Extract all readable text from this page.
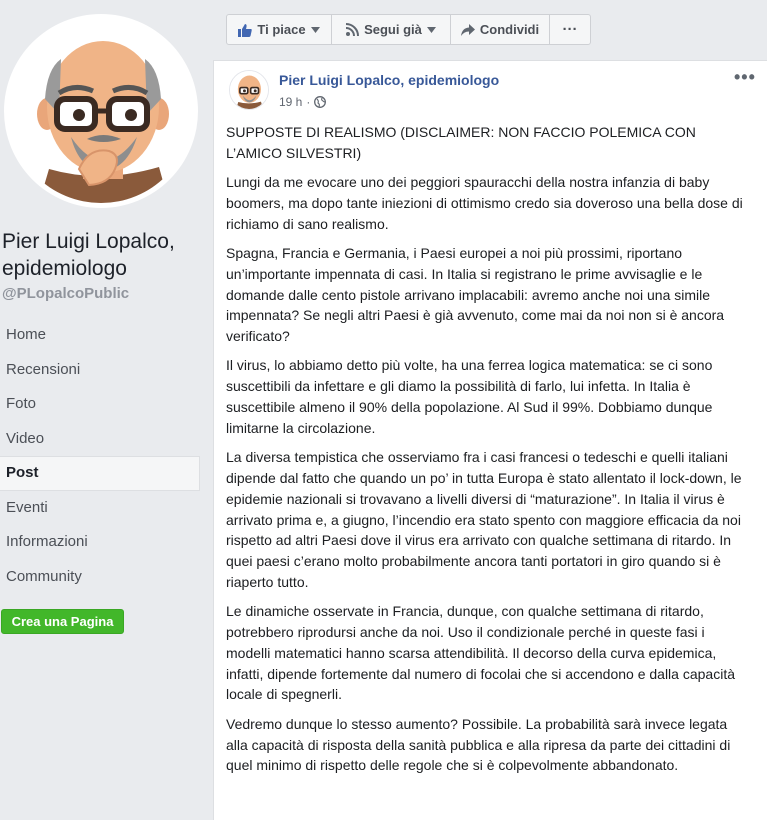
Pier Luigi Lopalco, epidemiologo
@PLopalcoPublic
Home
Recensioni
Foto
Video
Post
Eventi
Informazioni
Community
Crea una Pagina
Ti piace	Segui già	Condividi ···
Pier Luigi Lopalco, epidemiologo
19 h ·
•••

SUPPOSTE DI REALISMO (DISCLAIMER: NON FACCIO POLEMICA CON L’AMICO SILVESTRI)

Lungi da me evocare uno dei peggiori spauracchi della nostra infanzia di baby boomers, ma dopo tante iniezioni di ottimismo credo sia doveroso una bella dose di richiamo di sano realismo.

Spagna, Francia e Germania, i Paesi europei a noi più prossimi, riportano un’importante impennata di casi. In Italia si registrano le prime avvisaglie e le domande dalle cento pistole arrivano implacabili: avremo anche noi una simile impennata? Se negli altri Paesi è già avvenuto, come mai da noi non si è ancora verificato?

Il virus, lo abbiamo detto più volte, ha una ferrea logica matematica: se ci sono suscettibili da infettare e gli diamo la possibilità di farlo, lui infetta. In Italia è suscettibile almeno il 90% della popolazione. Al Sud il 99%. Dobbiamo dunque limitarne la circolazione.

La diversa tempistica che osserviamo fra i casi francesi o tedeschi e quelli italiani dipende dal fatto che quando un po’ in tutta Europa è stato allentato il lock-down, le epidemie nazionali si trovavano a livelli diversi di “maturazione”. In Italia il virus è arrivato prima e, a giugno, l’incendio era stato spento con maggiore efficacia da noi rispetto ad altri Paesi dove il virus era arrivato con qualche settimana di ritardo. In quei paesi c’erano molto probabilmente ancora tanti portatori in giro quando si è riaperto tutto.

Le dinamiche osservate in Francia, dunque, con qualche settimana di ritardo, potrebbero riprodursi anche da noi. Uso il condizionale perché in queste fasi i modelli matematici hanno scarsa attendibilità. Il decorso della curva epidemica, infatti, dipende fortemente dal numero di focolai che si accendono e dalla capacità locale di spegnerli.

Vedremo dunque lo stesso aumento? Possibile. La probabilità sarà invece legata alla capacità di risposta della sanità pubblica e alla ripresa da parte dei cittadini di quel minimo di rispetto delle regole che si è colpevolmente abbandonato.
